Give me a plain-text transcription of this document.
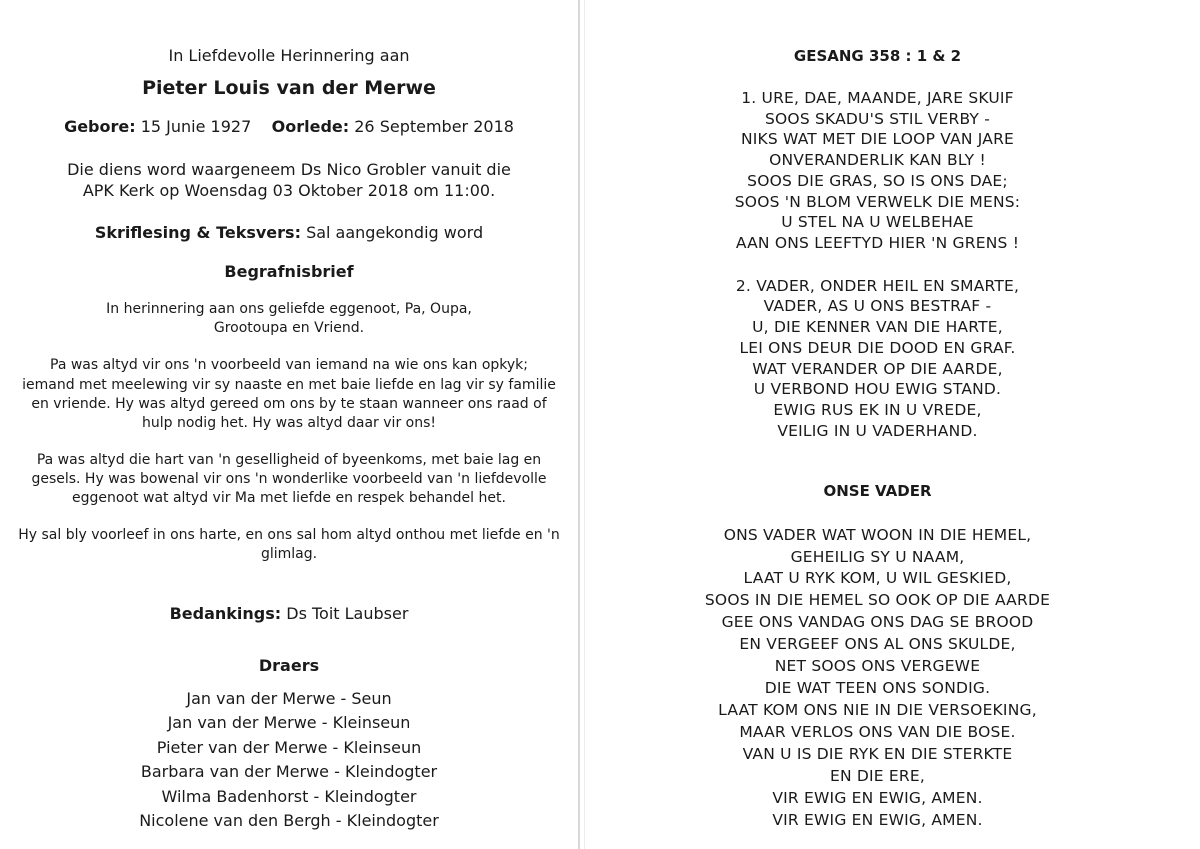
In Liefdevolle Herinnering aan
Pieter Louis van der Merwe
Gebore: 15 Junie 1927 Oorlede: 26 September 2018
Die diens word waargeneem Ds Nico Grobler vanuit die
APK Kerk op Woensdag 03 Oktober 2018 om 11:00.
Skriflesing & Teksvers: Sal aangekondig word
Begrafnisbrief
In herinnering aan ons geliefde eggenoot, Pa, Oupa,
Grootoupa en Vriend.
Pa was altyd vir ons 'n voorbeeld van iemand na wie ons kan opkyk;
iemand met meelewing vir sy naaste en met baie liefde en lag vir sy familie
en vriende. Hy was altyd gereed om ons by te staan wanneer ons raad of
hulp nodig het. Hy was altyd daar vir ons!
Pa was altyd die hart van 'n geselligheid of byeenkoms, met baie lag en
gesels. Hy was bowenal vir ons 'n wonderlike voorbeeld van 'n liefdevolle
eggenoot wat altyd vir Ma met liefde en respek behandel het.
Hy sal bly voorleef in ons harte, en ons sal hom altyd onthou met liefde en 'n
glimlag.
Bedankings: Ds Toit Laubser
Draers
Jan van der Merwe - Seun
Jan van der Merwe - Kleinseun
Pieter van der Merwe - Kleinseun
Barbara van der Merwe - Kleindogter
Wilma Badenhorst - Kleindogter
Nicolene van den Bergh - Kleindogter
GESANG 358 : 1 & 2
1. URE, DAE, MAANDE, JARE SKUIF
SOOS SKADU'S STIL VERBY -
NIKS WAT MET DIE LOOP VAN JARE
ONVERANDERLIK KAN BLY !
SOOS DIE GRAS, SO IS ONS DAE;
SOOS 'N BLOM VERWELK DIE MENS:
U STEL NA U WELBEHAE
AAN ONS LEEFTYD HIER 'N GRENS !
2. VADER, ONDER HEIL EN SMARTE,
VADER, AS U ONS BESTRAF -
U, DIE KENNER VAN DIE HARTE,
LEI ONS DEUR DIE DOOD EN GRAF.
WAT VERANDER OP DIE AARDE,
U VERBOND HOU EWIG STAND.
EWIG RUS EK IN U VREDE,
VEILIG IN U VADERHAND.
ONSE VADER
ONS VADER WAT WOON IN DIE HEMEL,
GEHEILIG SY U NAAM,
LAAT U RYK KOM, U WIL GESKIED,
SOOS IN DIE HEMEL SO OOK OP DIE AARDE
GEE ONS VANDAG ONS DAG SE BROOD
EN VERGEEF ONS AL ONS SKULDE,
NET SOOS ONS VERGEWE
DIE WAT TEEN ONS SONDIG.
LAAT KOM ONS NIE IN DIE VERSOEKING,
MAAR VERLOS ONS VAN DIE BOSE.
VAN U IS DIE RYK EN DIE STERKTE
EN DIE ERE,
VIR EWIG EN EWIG, AMEN.
VIR EWIG EN EWIG, AMEN.
